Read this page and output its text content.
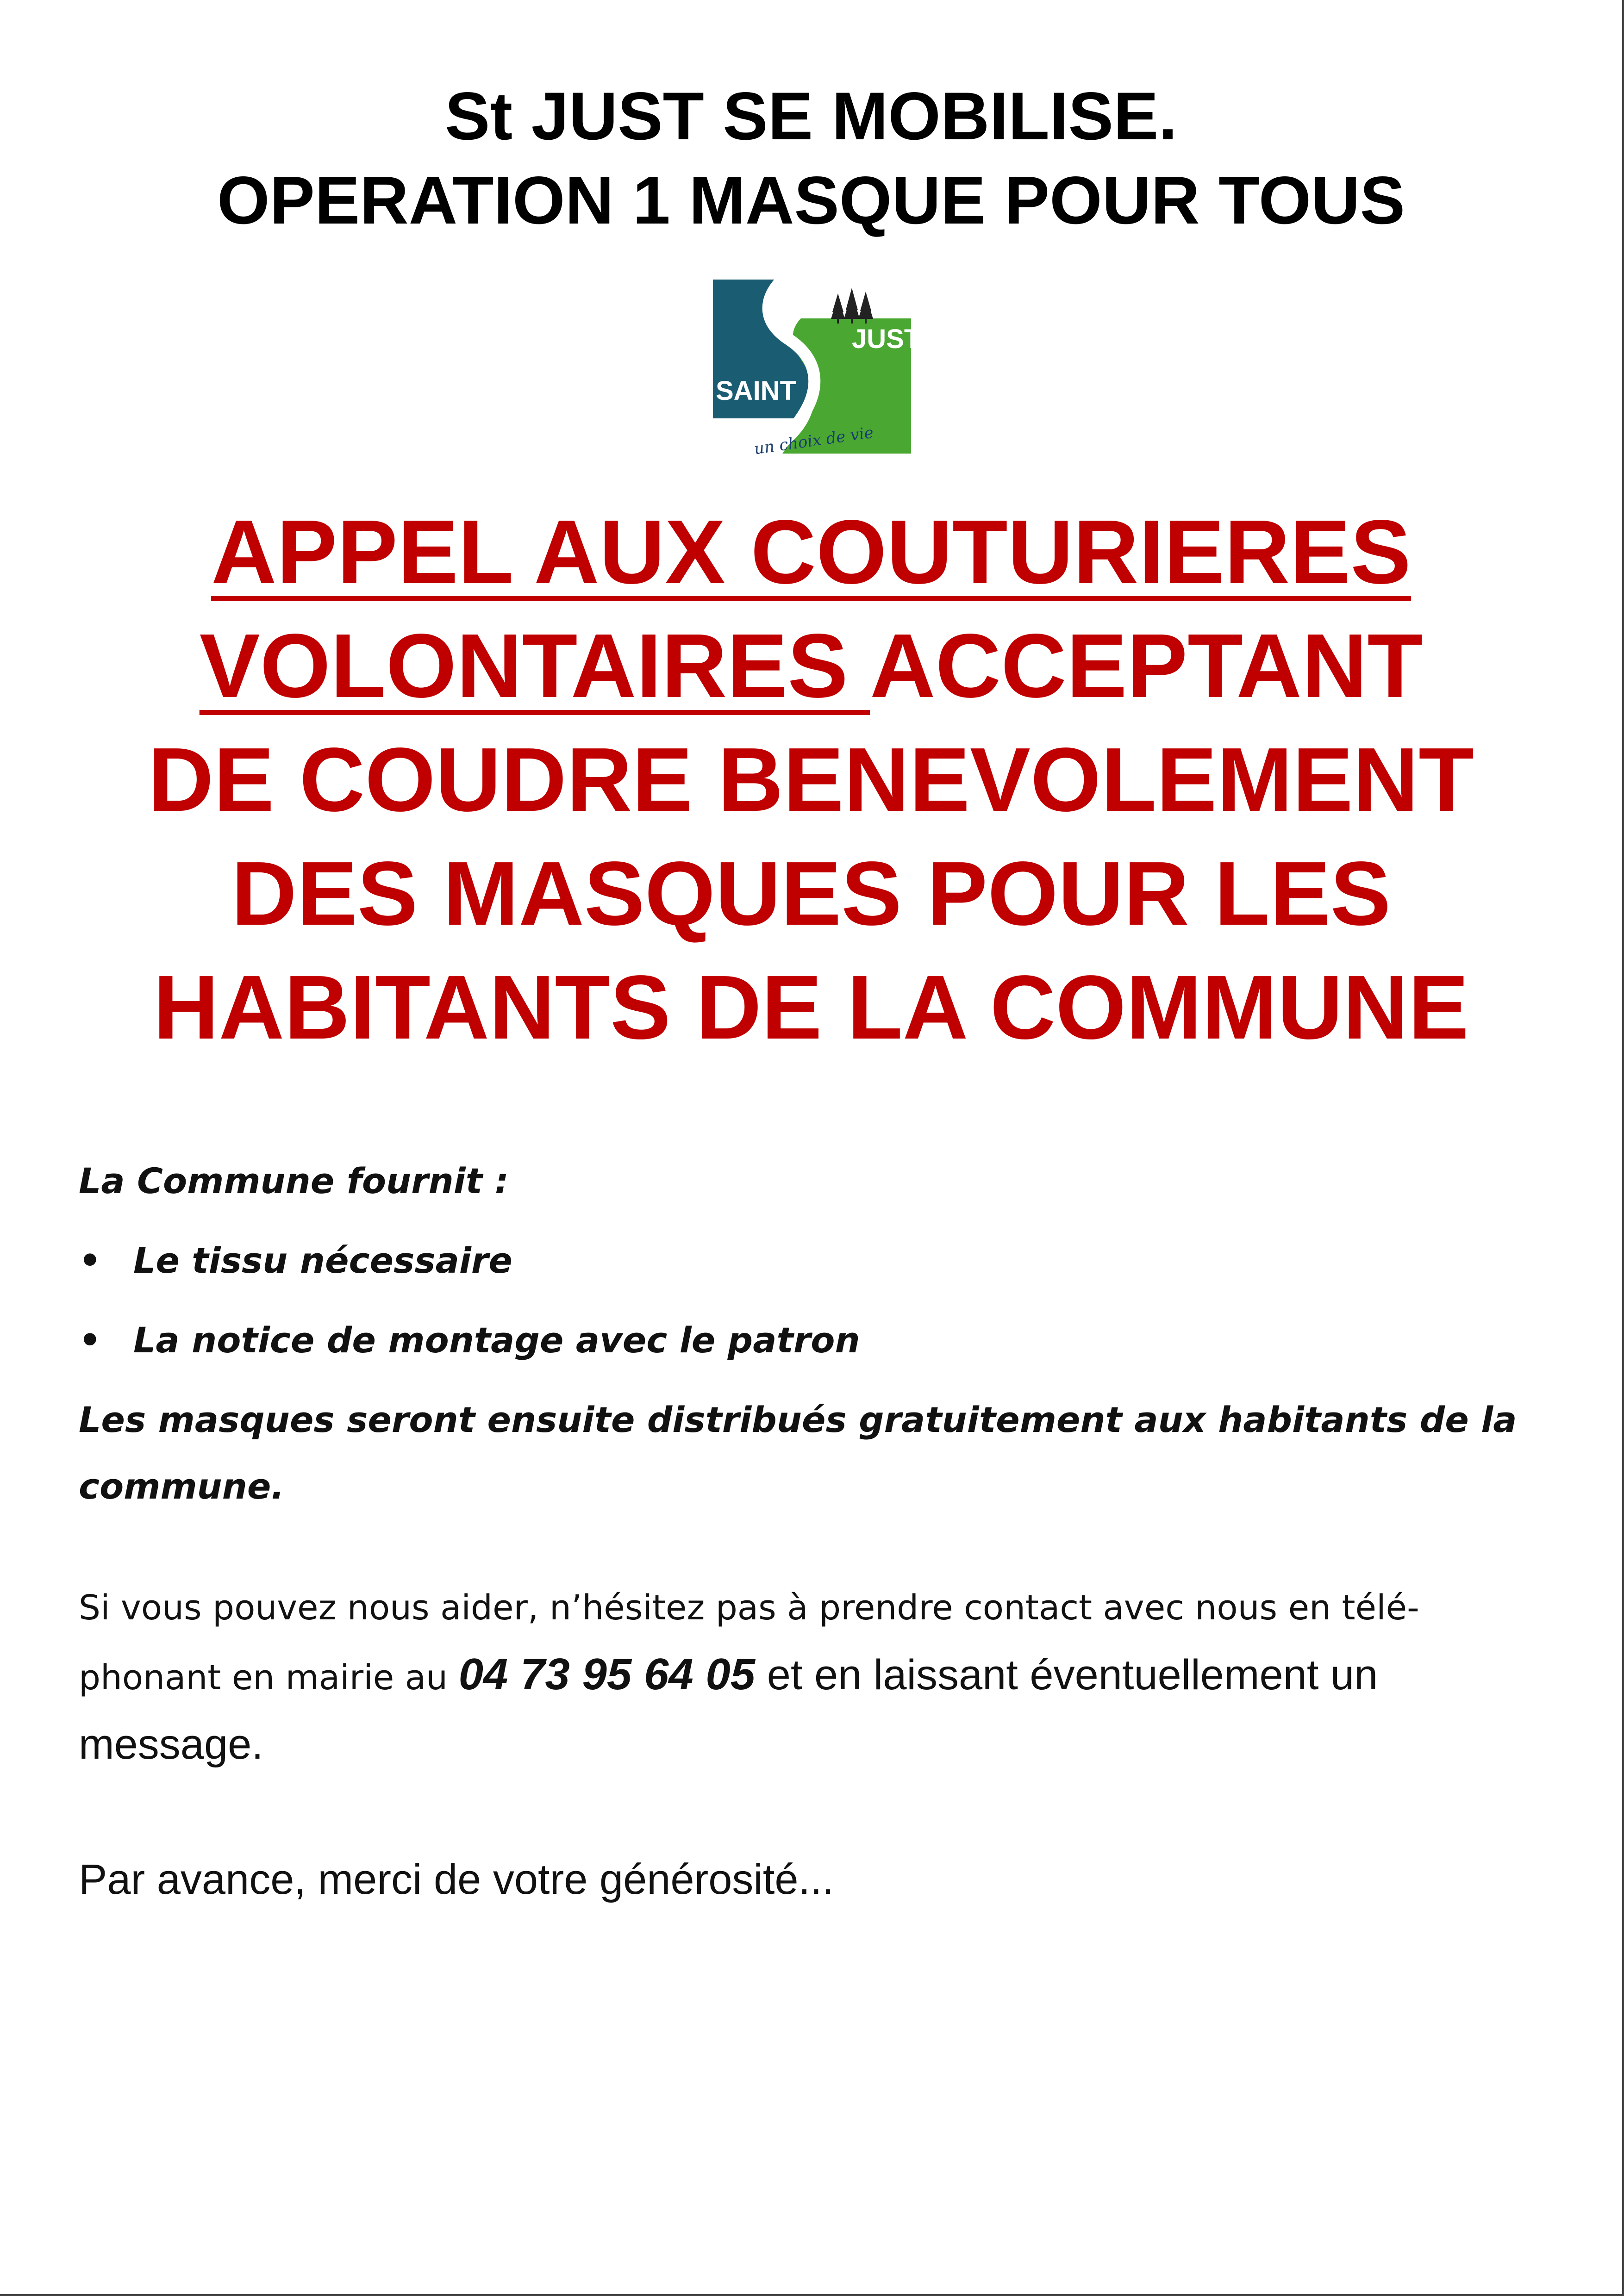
St JUST SE MOBILISE.
OPERATION 1 MASQUE POUR TOUS
JUST
SAINT
un choix de vie
APPEL AUX COUTURIERES
VOLONTAIRES ACCEPTANT
DE COUDRE BENEVOLEMENT
DES MASQUES POUR LES
HABITANTS DE LA COMMUNE
La Commune fournit :
• Le tissu nécessaire
• La notice de montage avec le patron
Les masques seront ensuite distribués gratuitement aux habitants de la
commune.
Si vous pouvez nous aider, n’hésitez pas à prendre contact avec nous en télé-
phonant en mairie au 04 73 95 64 05 et en laissant éventuellement un
message.
Par avance, merci de votre générosité...
